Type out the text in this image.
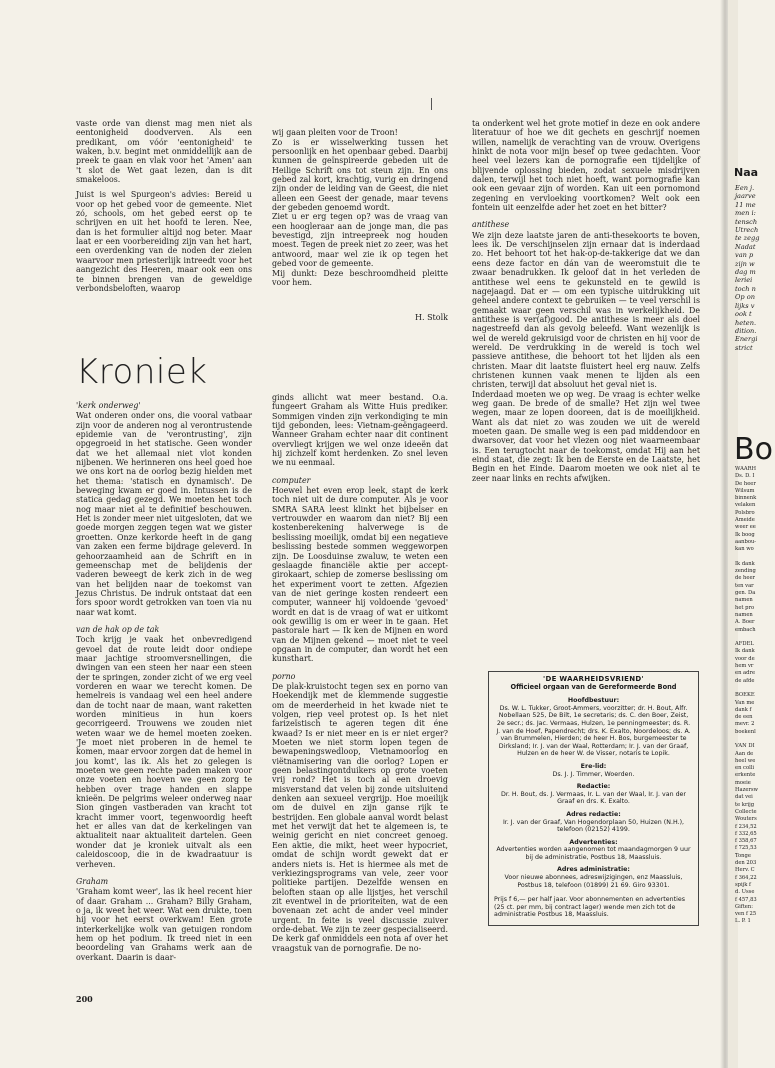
vaste orde van dienst mag men niet als eentonigheid doodverven. Als een predikant, om vóór 'eentonigheid' te waken, b.v. begint met onmiddellijk aan de preek te gaan en vlak voor het 'Amen' aan 't slot de Wet gaat lezen, dan is dit smakeloos.

Juist is wel Spurgeon's advies: Bereid u voor op het gebed voor de gemeente. Niet zó, schools, om het gebed eerst op te schrijven en uit het hoofd te leren. Nee, dan is het formulier altijd nog beter. Maar laat er een voorbereiding zijn van het hart, een overdenking van de noden der zielen waarvoor men priesterlijk intreedt voor het aangezicht des Heeren, maar ook een ons te binnen brengen van de geweldige verbondsbeloften, waarop

wij gaan pleiten voor de Troon!
Zo is er wisselwerking tussen het persoonlijk en het openbaar gebed. Daarbij kunnen de geïnspireerde gebeden uit de Heilige Schrift ons tot steun zijn. En ons gebed zal kort, krachtig, vurig en dringend zijn onder de leiding van de Geest, die niet alleen een Geest der genade, maar tevens der gebeden genoemd wordt.
Ziet u er erg tegen op? was de vraag van een hoogleraar aan de jonge man, die pas bevestigd, zijn intreepreek nog houden moest. Tegen de preek niet zo zeer, was het antwoord, maar wel zie ik op tegen het gebed voor de gemeente.
Mij dunkt: Deze beschroomdheid pleitte voor hem.

H. Stolk

Kroniek
'kerk onderweg'

Wat onderen onder ons, die vooral vatbaar zijn voor de anderen nog al verontrustende epidemie van de 'verontrusting', zijn opgegroeid in het statische. Geen wonder dat we het allemaal niet vlot konden nijbenen. We herinneren ons heel goed hoe we ons kort na de oorlog bezig hielden met het thema: 'statisch en dynamisch'. De beweging kwam er goed in. Intussen is de statica gedag gezegd. We moeten het toch nog maar niet al te definitief beschouwen. Het is zonder meer niet uitgesloten, dat we goede morgen zeggen tegen wat we gister groetten. Onze kerkorde heeft in de gang van zaken een ferme bijdrage geleverd. In gehoorzaamheid aan de Schrift en in gemeenschap met de belijdenis der vaderen beweegt de kerk zich in de weg van het belijden naar de toekomst van Jezus Christus. De indruk ontstaat dat een fors spoor wordt getrokken van toen via nu naar wat komt.

van de hak op de tak

Toch krijg je vaak het onbevredigend gevoel dat de route leidt door ondiepe maar jachtige stroomversnellingen, die dwingen van een steen her naar een steen der te springen, zonder zicht of we erg veel vorderen en waar we terecht komen. De hemelreis is vandaag wel een heel andere dan de tocht naar de maan, want raketten worden minitieus in hun koers gecorrigeerd. Trouwens we zouden niet weten waar we de hemel moeten zoeken. 'Je moet niet proberen in de hemel te komen, maar ervoor zorgen dat de hemel in jou komt', las ik. Als het zo gelegen is moeten we geen rechte paden maken voor onze voeten en hoeven we geen zorg te hebben over trage handen en slappe knieën. De pelgrims weleer onderweg naar Sion gingen vastberaden van kracht tot kracht immer voort, tegenwoordig heeft het er alles van dat de kerkelingen van aktualiteit naar aktualiteit dartelen. Geen wonder dat je kroniek uitvalt als een caleidoscoop, die in de kwadraatuur is verheven.

Graham

'Graham komt weer', las ik heel recent hier of daar. Graham ... Graham? Billy Graham, o ja, ik weet het weer. Wat een drukte, toen hij voor het eerst overkwam! Een grote interkerkelijke wolk van getuigen rondom hem op het podium. Ik treed niet in een beoordeling van Grahams werk aan de overkant. Daarin is daar-

ginds allicht wat meer bestand. O.a. fungeert Graham als Witte Huis prediker. Sommigen vinden zijn verkondiging te min tijd gebonden, lees: Vietnam-geëngageerd. Wanneer Graham echter naar dit continent overvliegt krijgen we wel onze ideeën dat hij zichzelf komt herdenken. Zo snel leven we nu eenmaal.

computer

Hoewel het even erop leek, stapt de kerk toch niet uit de dure computer. Als je voor SMRA SARA leest klinkt het bijbelser en vertrouwder en waarom dan niet? Bij een kostenberekening halverwege is de beslissing moeilijk, omdat bij een negatieve beslissing bestede sommen weggeworpen zijn. De Loosduinse zwaluw, te weten een geslaagde financiële aktie per accept-girokaart, schiep de zomerse beslissing om het experiment voort te zetten. Afgezien van de niet geringe kosten rendeert een computer, wanneer hij voldoende 'gevoed' wordt en dat is de vraag of wat er uitkomt ook gewillig is om er weer in te gaan. Het pastorale hart — Ik ken de Mijnen en word van de Mijnen gekend — moet niet te veel opgaan in de computer, dan wordt het een kunsthart.

porno

De plak-kruistocht tegen sex en porno van Hoekendijk met de klemmende suggestie om de meerderheid in het kwade niet te volgen, riep veel protest op. Is het niet farizeïstisch te ageren tegen dit éne kwaad? Is er niet meer en is er niet erger? Moeten we niet storm lopen tegen de bewapeningswedloop, Vietnamoorlog en viëtnamisering van die oorlog? Lopen er geen belastingontduikers op grote voeten vrij rond? Het is toch al een droevig misverstand dat velen bij zonde uitsluitend denken aan sexueel vergrijp. Hoe moeilijk om de duivel en zijn ganse rijk te bestrijden. Een globale aanval wordt belast met het verwijt dat het te algemeen is, te weinig gericht en niet concreet genoeg. Een aktie, die mikt, heet weer hypocriet, omdat de schijn wordt gewekt dat er anders niets is. Het is hiermee als met de verkiezingsprograms van vele, zeer voor politieke partijen. Dezelfde wensen en beloften staan op alle lijstjes, het verschil zit eventwel in de prioriteiten, wat de een bovenaan zet acht de ander veel minder urgent. In feite is veel discussie zuiver orde-debat. We zijn te zeer gespecialiseerd. De kerk gaf onmiddels een nota af over het vraagstuk van de pornografie. De no-

ta onderkent wel het grote motief in deze en ook andere literatuur of hoe we dit gechets en geschrijf noemen willen, namelijk de verachting van de vrouw. Overigens hinkt de nota voor mijn besef op twee gedachten. Voor heel veel lezers kan de pornografie een tijdelijke of blijvende oplossing bieden, zodat sexuele misdrijven dalen, terwijl het toch niet hoeft, want pornografie kan ook een gevaar zijn of worden. Kan uit een pornomond zegening en vervloeking voortkomen? Welt ook een fontein uit eenzelfde ader het zoet en het bitter?

antithese

We zijn deze laatste jaren de anti-thesekoorts te boven, lees ik. De verschijnselen zijn ernaar dat is inderdaad zo. Het behoort tot het hak-op-de-takkerige dat we dan eens deze factor en dán van de weeromstuit die te zwaar benadrukken. Ik geloof dat in het verleden de antithese wel eens te gekunsteld en te gewild is nagejaagd. Dat er — om een typische uitdrukking uit geheel andere context te gebruiken — te veel verschil is gemaakt waar geen verschil was in werkelijkheid. De antithese is ver(af)good. De antithese is meer als doel nagestreefd dan als gevolg beleefd. Want wezenlijk is wel de wereld gekruisigd voor de christen en hij voor de wereld. De verdrukking in de wereld is toch wel passieve antithese, die behoort tot het lijden als een christen. Maar dit laatste fluistert heel erg nauw. Zelfs christenen kunnen vaak menen te lijden als een christen, terwijl dat absoluut het geval niet is.
Inderdaad moeten we op weg. De vraag is echter welke weg gaan. De brede of de smalle? Het zijn wel twee wegen, maar ze lopen dooreen, dat is de moeilijkheid. Want als dat niet zo was zouden we uit de wereld moeten gaan. De smalle weg is een pad middendoor en dwarsover, dat voor het vlezen oog niet waarneembaar is. Een terugtocht naar de toekomst, omdat Hij aan het eind staat, die zegt: Ik ben de Eerste en de Laatste, het Begin en het Einde. Daarom moeten we ook niet al te zeer naar links en rechts afwijken.

'DE WAARHEIDSVRIEND'
Officieel orgaan van de Gereformeerde Bond
Hoofdbestuur:
Ds. W. L. Tukker, Groot-Ammers, voorzitter; dr. H. Bout, Alfr. Nobellaan 525, De Bilt, 1e secretaris; ds. C. den Boer, Zeist, 2e secr.; ds. Jac. Vermaas, Hulzen, 1e penningmeester; ds. R. J. van de Hoef, Papendrecht; drs. K. Exalto, Noordeloos; ds. A. van Brummelen, Hierden; de heer H. Bos, burgemeester te Dirksland; Ir. J. van der Waal, Rotterdam; Ir. J. van der Graaf, Hulzen en de heer W. de Visser, notaris te Lopik.
Ere-lid:
Ds. J. J. Timmer, Woerden.
Redactie:
Dr. H. Bout, ds. J. Vermaas, Ir. L. van der Waal, Ir. J. van der Graaf en drs. K. Exalto.
Adres redactie:
Ir. J. van der Graaf, Van Hogendorplaan 50, Huizen (N.H.), telefoon (02152) 4199.
Advertenties:
Advertenties worden aangenomen tot maandagmorgen 9 uur bij de administratie, Postbus 18, Maassluis.
Adres administratie:
Voor nieuwe abonnees, adreswijzigingen, enz Maassluis, Postbus 18, telefoon (01899) 21 69. Giro 93301.
Prijs f 6,— per half jaar. Voor abonnementen en advertenties (25 ct. per mm, bij contract lager) wende men zich tot de administratie Postbus 18, Maassluis.
200
Naa
Een j.
jaarve
11 me
men i:
tensch
Utrech
te zegg
Nadat
van p
zijn w
dag m
leriei
toch n
Op on
lijks v
ook t
heten.
dition.
Energi
strict
Bo
WAARH
Ds. D. I
De heer
Wilsum
binnenk
velaken
Polsbro
Ameide
weer ee
Ik boog
aanbou-
kan wo

Ik dank
zending
de heer
ten var
gen. Da
namen
het pro
namen
A. Boer
embach

AFDEL
Ik dank
voor de
hem vr
en adre
de afde

BOEKE
Van me
dank f
de een
mevr. 2
boekenl

VAN DI
Aan de
heel we
en colli
erkente
moeie
Hazersw
dat vei
te krijg
Collecte
Wouters
f 234,52
f 332,65
f 358,67
f 725,53
Tonge
den 203
Herv. C
f 364,22
spijk f
d. Usse
f 457,83
Giften:
ven f 25
L. P. 1
